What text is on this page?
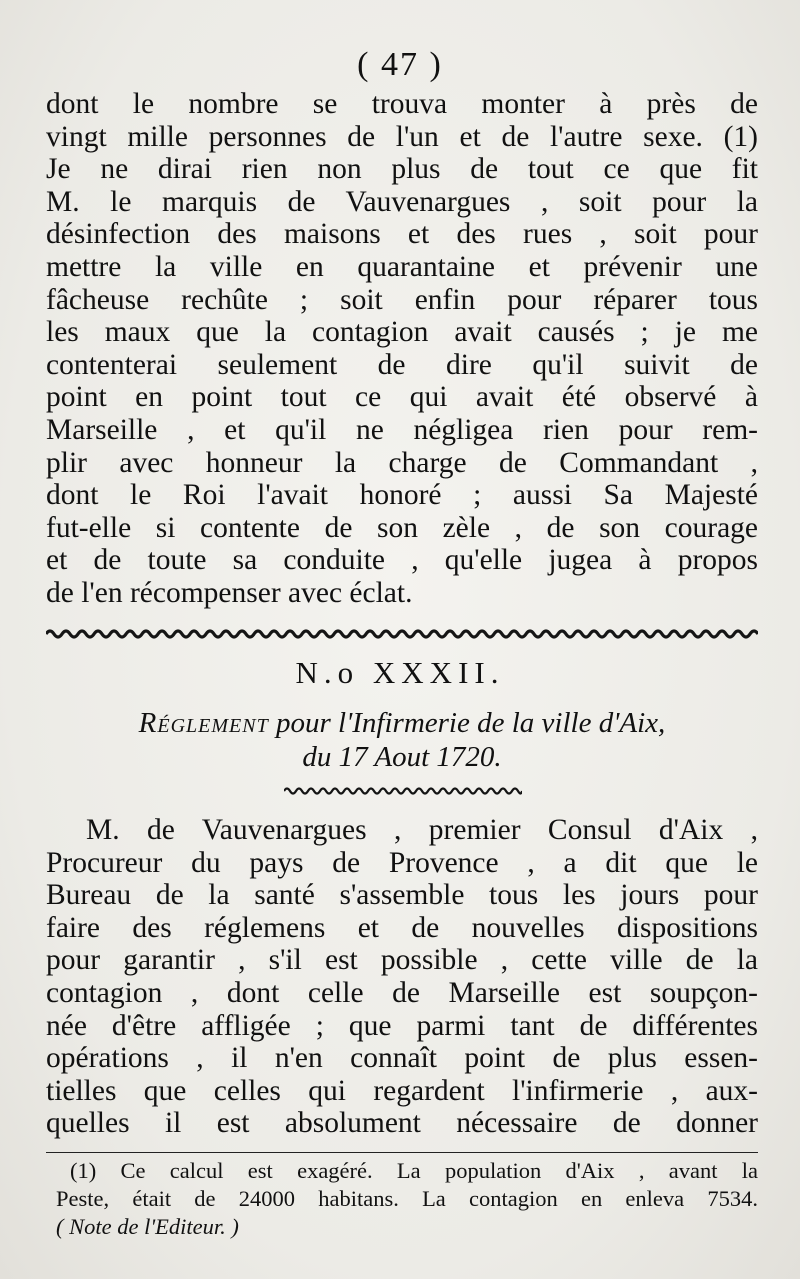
( 47 )
dont le nombre se trouva monter à près de
vingt mille personnes de l'un et de l'autre sexe. (1)
Je ne dirai rien non plus de tout ce que fit
M. le marquis de Vauvenargues , soit pour la
désinfection des maisons et des rues , soit pour
mettre la ville en quarantaine et prévenir une
fâcheuse rechûte ; soit enfin pour réparer tous
les maux que la contagion avait causés ; je me
contenterai seulement de dire qu'il suivit de
point en point tout ce qui avait été observé à
Marseille , et qu'il ne négligea rien pour rem-
plir avec honneur la charge de Commandant ,
dont le Roi l'avait honoré ; aussi Sa Majesté
fut-elle si contente de son zèle , de son courage
et de toute sa conduite , qu'elle jugea à propos
de l'en récompenser avec éclat.
N.o XXXII.
Réglement pour l'Infirmerie de la ville d'Aix,
du 17 Aout 1720.
M. de Vauvenargues , premier Consul d'Aix ,
Procureur du pays de Provence , a dit que le
Bureau de la santé s'assemble tous les jours pour
faire des réglemens et de nouvelles dispositions
pour garantir , s'il est possible , cette ville de la
contagion , dont celle de Marseille est soupçon-
née d'être affligée ; que parmi tant de différentes
opérations , il n'en connaît point de plus essen-
tielles que celles qui regardent l'infirmerie , aux-
quelles il est absolument nécessaire de donner
(1) Ce calcul est exagéré. La population d'Aix , avant la
Peste, était de 24000 habitans. La contagion en enleva 7534.
( Note de l'Editeur. )
